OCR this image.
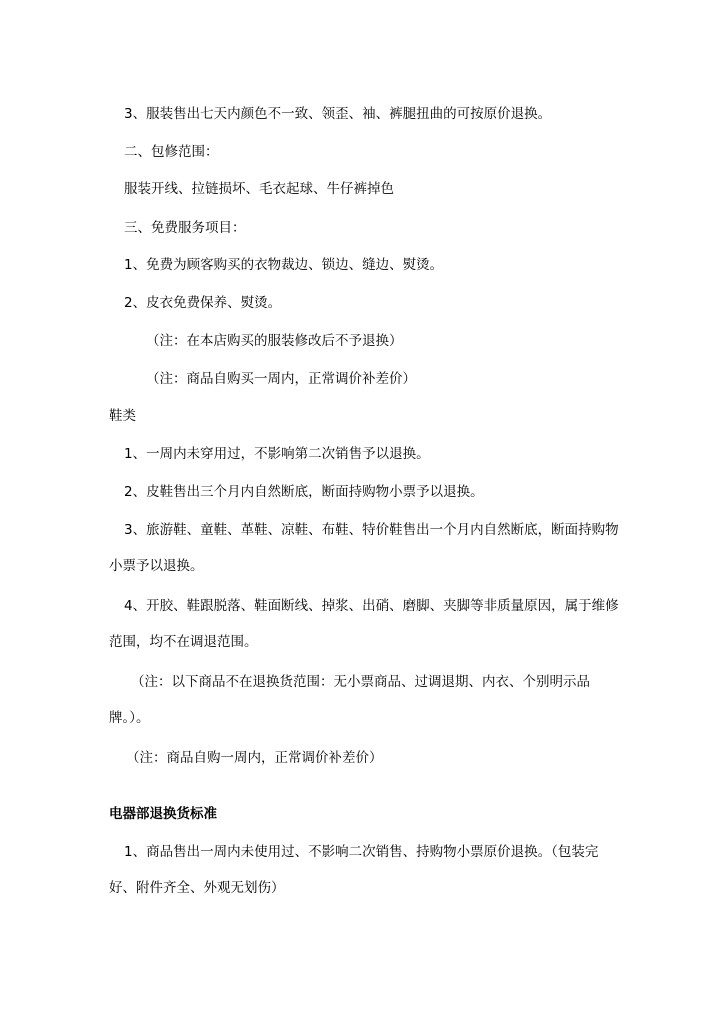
3、服装售出七天内颜色不一致、领歪、袖、裤腿扭曲的可按原价退换。
二、包修范围：
服装开线、拉链损坏、毛衣起球、牛仔裤掉色
三、免费服务项目：
1、免费为顾客购买的衣物裁边、锁边、缝边、熨烫。
2、皮衣免费保养、熨烫。
（注：在本店购买的服装修改后不予退换）
（注：商品自购买一周内，正常调价补差价）
鞋类
1、一周内未穿用过，不影响第二次销售予以退换。
2、皮鞋售出三个月内自然断底，断面持购物小票予以退换。
3、旅游鞋、童鞋、革鞋、凉鞋、布鞋、特价鞋售出一个月内自然断底，断面持购物小票予以退换。
4、开胶、鞋跟脱落、鞋面断线、掉浆、出硝、磨脚、夹脚等非质量原因，属于维修范围，均不在调退范围。
（注：以下商品不在退换货范围：无小票商品、过调退期、内衣、个别明示品牌。）。
（注：商品自购一周内，正常调价补差价）
电器部退换货标准
1、商品售出一周内未使用过、不影响二次销售、持购物小票原价退换。（包装完好、附件齐全、外观无划伤）
